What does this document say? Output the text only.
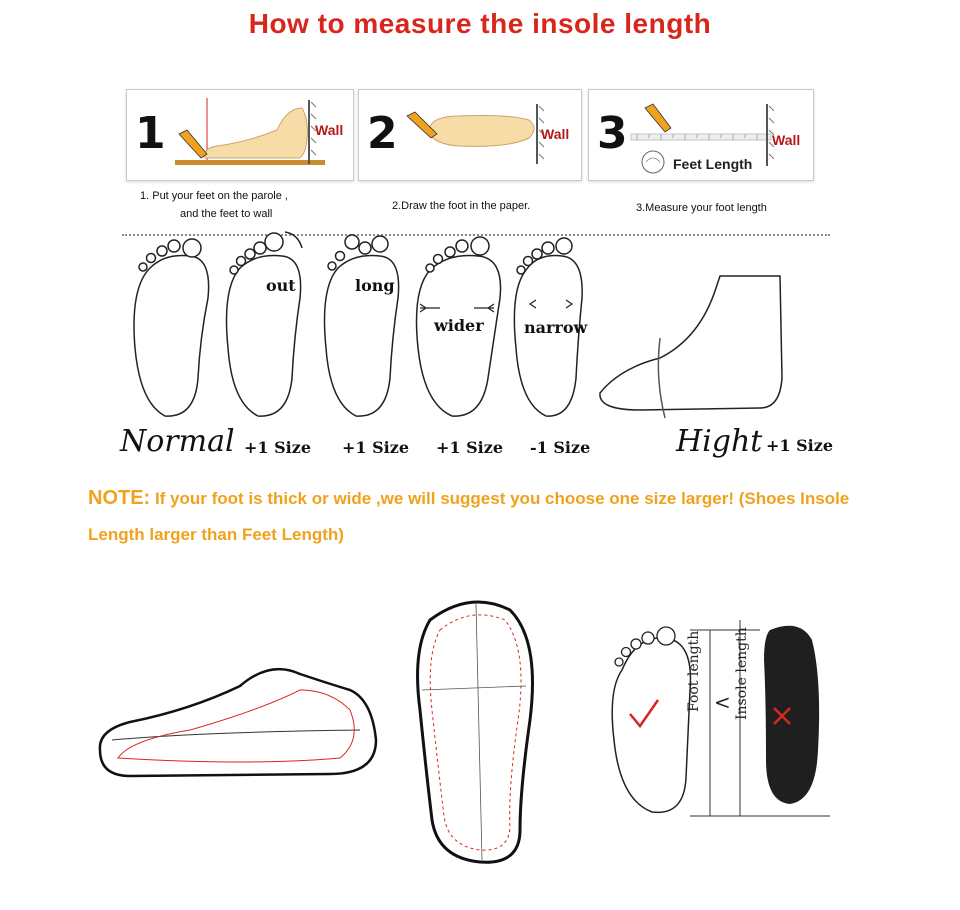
How to measure the insole length
1	Wall 2	Wall 3	Wall
Feet Length
1. Put your feet on the parole ,
and the feet to wall
2.Draw the foot in the paper.	3.Measure your foot length
out	long
wider	narrow
Normal +1 Size +1 Size +1 Size -1 Size	Hight +1 Size
NOTE: If your foot is thick or wide ,we will suggest you choose one size larger! (Shoes Insole Length larger than Feet Length)
Foot length < Insole length
